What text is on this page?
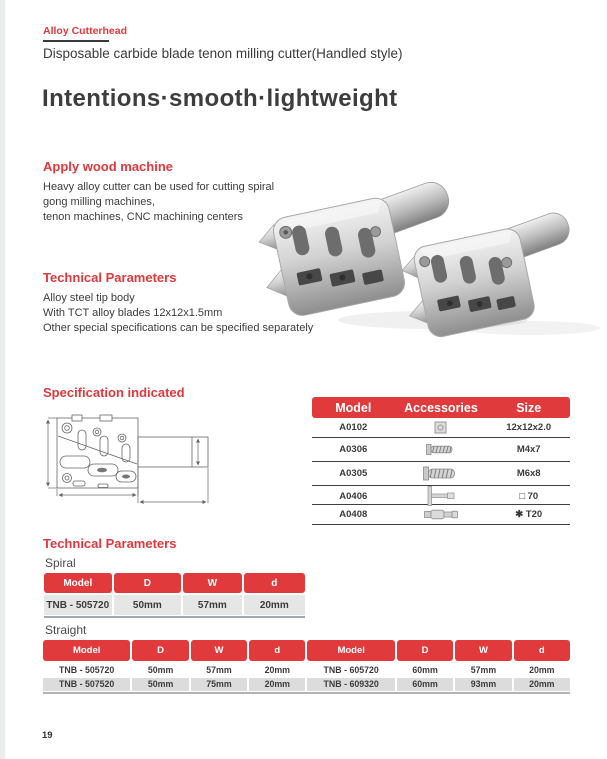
Alloy Cutterhead
Disposable carbide blade tenon milling cutter(Handled style)
Intentions·smooth·lightweight
Apply wood machine
Heavy alloy cutter can be used for cutting spiral
gong milling machines,
tenon machines, CNC machining centers
Technical Parameters
Alloy steel tip body
With TCT alloy blades 12x12x1.5mm
Other special specifications can be specified separately
Specification indicated
Model	Accessories	Size
A0102	12x12x2.0
A0306	M4x7
A0305	M6x8
A0406	□ 70
A0408	✱ T20
Technical Parameters
Spiral
Model	D	W	d
TNB - 505720	50mm	57mm	20mm
Straight
Model	D	W	d	Model	D	W	d
TNB - 505720	50mm	57mm	20mm	TNB - 605720	60mm	57mm	20mm
TNB - 507520	50mm	75mm	20mm	TNB - 609320	60mm	93mm	20mm
19
